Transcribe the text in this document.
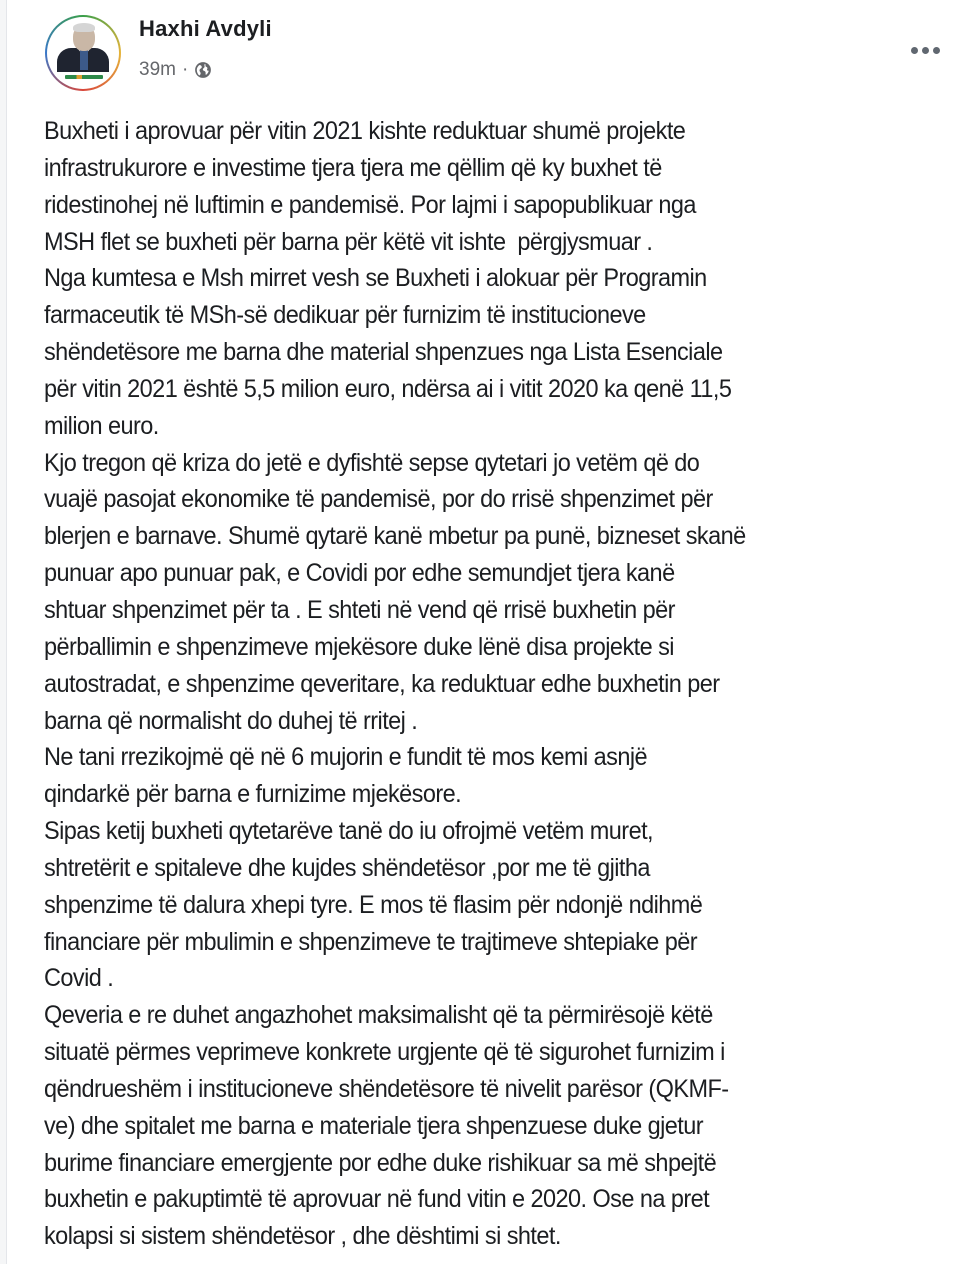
Haxhi Avdyli
39m ·
Buxheti i aprovuar për vitin 2021 kishte reduktuar shumë projekte
infrastrukurore e investime tjera tjera me qëllim që ky buxhet të
ridestinohej në luftimin e pandemisë. Por lajmi i sapopublikuar nga
MSH flet se buxheti për barna për këtë vit ishte  përgjysmuar .
Nga kumtesa e Msh mirret vesh se Buxheti i alokuar për Programin
farmaceutik të MSh-së dedikuar për furnizim të institucioneve
shëndetësore me barna dhe material shpenzues nga Lista Esenciale
për vitin 2021 është 5,5 milion euro, ndërsa ai i vitit 2020 ka qenë 11,5
milion euro.
Kjo tregon që kriza do jetë e dyfishtë sepse qytetari jo vetëm që do
vuajë pasojat ekonomike të pandemisë, por do rrisë shpenzimet për
blerjen e barnave. Shumë qytarë kanë mbetur pa punë, bizneset skanë
punuar apo punuar pak, e Covidi por edhe semundjet tjera kanë
shtuar shpenzimet për ta . E shteti në vend që rrisë buxhetin për
përballimin e shpenzimeve mjekësore duke lënë disa projekte si
autostradat, e shpenzime qeveritare, ka reduktuar edhe buxhetin per
barna që normalisht do duhej të rritej .
Ne tani rrezikojmë që në 6 mujorin e fundit të mos kemi asnjë
qindarkë për barna e furnizime mjekësore.
Sipas ketij buxheti qytetarëve tanë do iu ofrojmë vetëm muret,
shtretërit e spitaleve dhe kujdes shëndetësor ,por me të gjitha
shpenzime të dalura xhepi tyre. E mos të flasim për ndonjë ndihmë
financiare për mbulimin e shpenzimeve te trajtimeve shtepiake për
Covid .
Qeveria e re duhet angazhohet maksimalisht që ta përmirësojë këtë
situatë përmes veprimeve konkrete urgjente që të sigurohet furnizim i
qëndrueshëm i institucioneve shëndetësore të nivelit parësor (QKMF-
ve) dhe spitalet me barna e materiale tjera shpenzuese duke gjetur
burime financiare emergjente por edhe duke rishikuar sa më shpejtë
buxhetin e pakuptimtë të aprovuar në fund vitin e 2020. Ose na pret
kolapsi si sistem shëndetësor , dhe dështimi si shtet.
